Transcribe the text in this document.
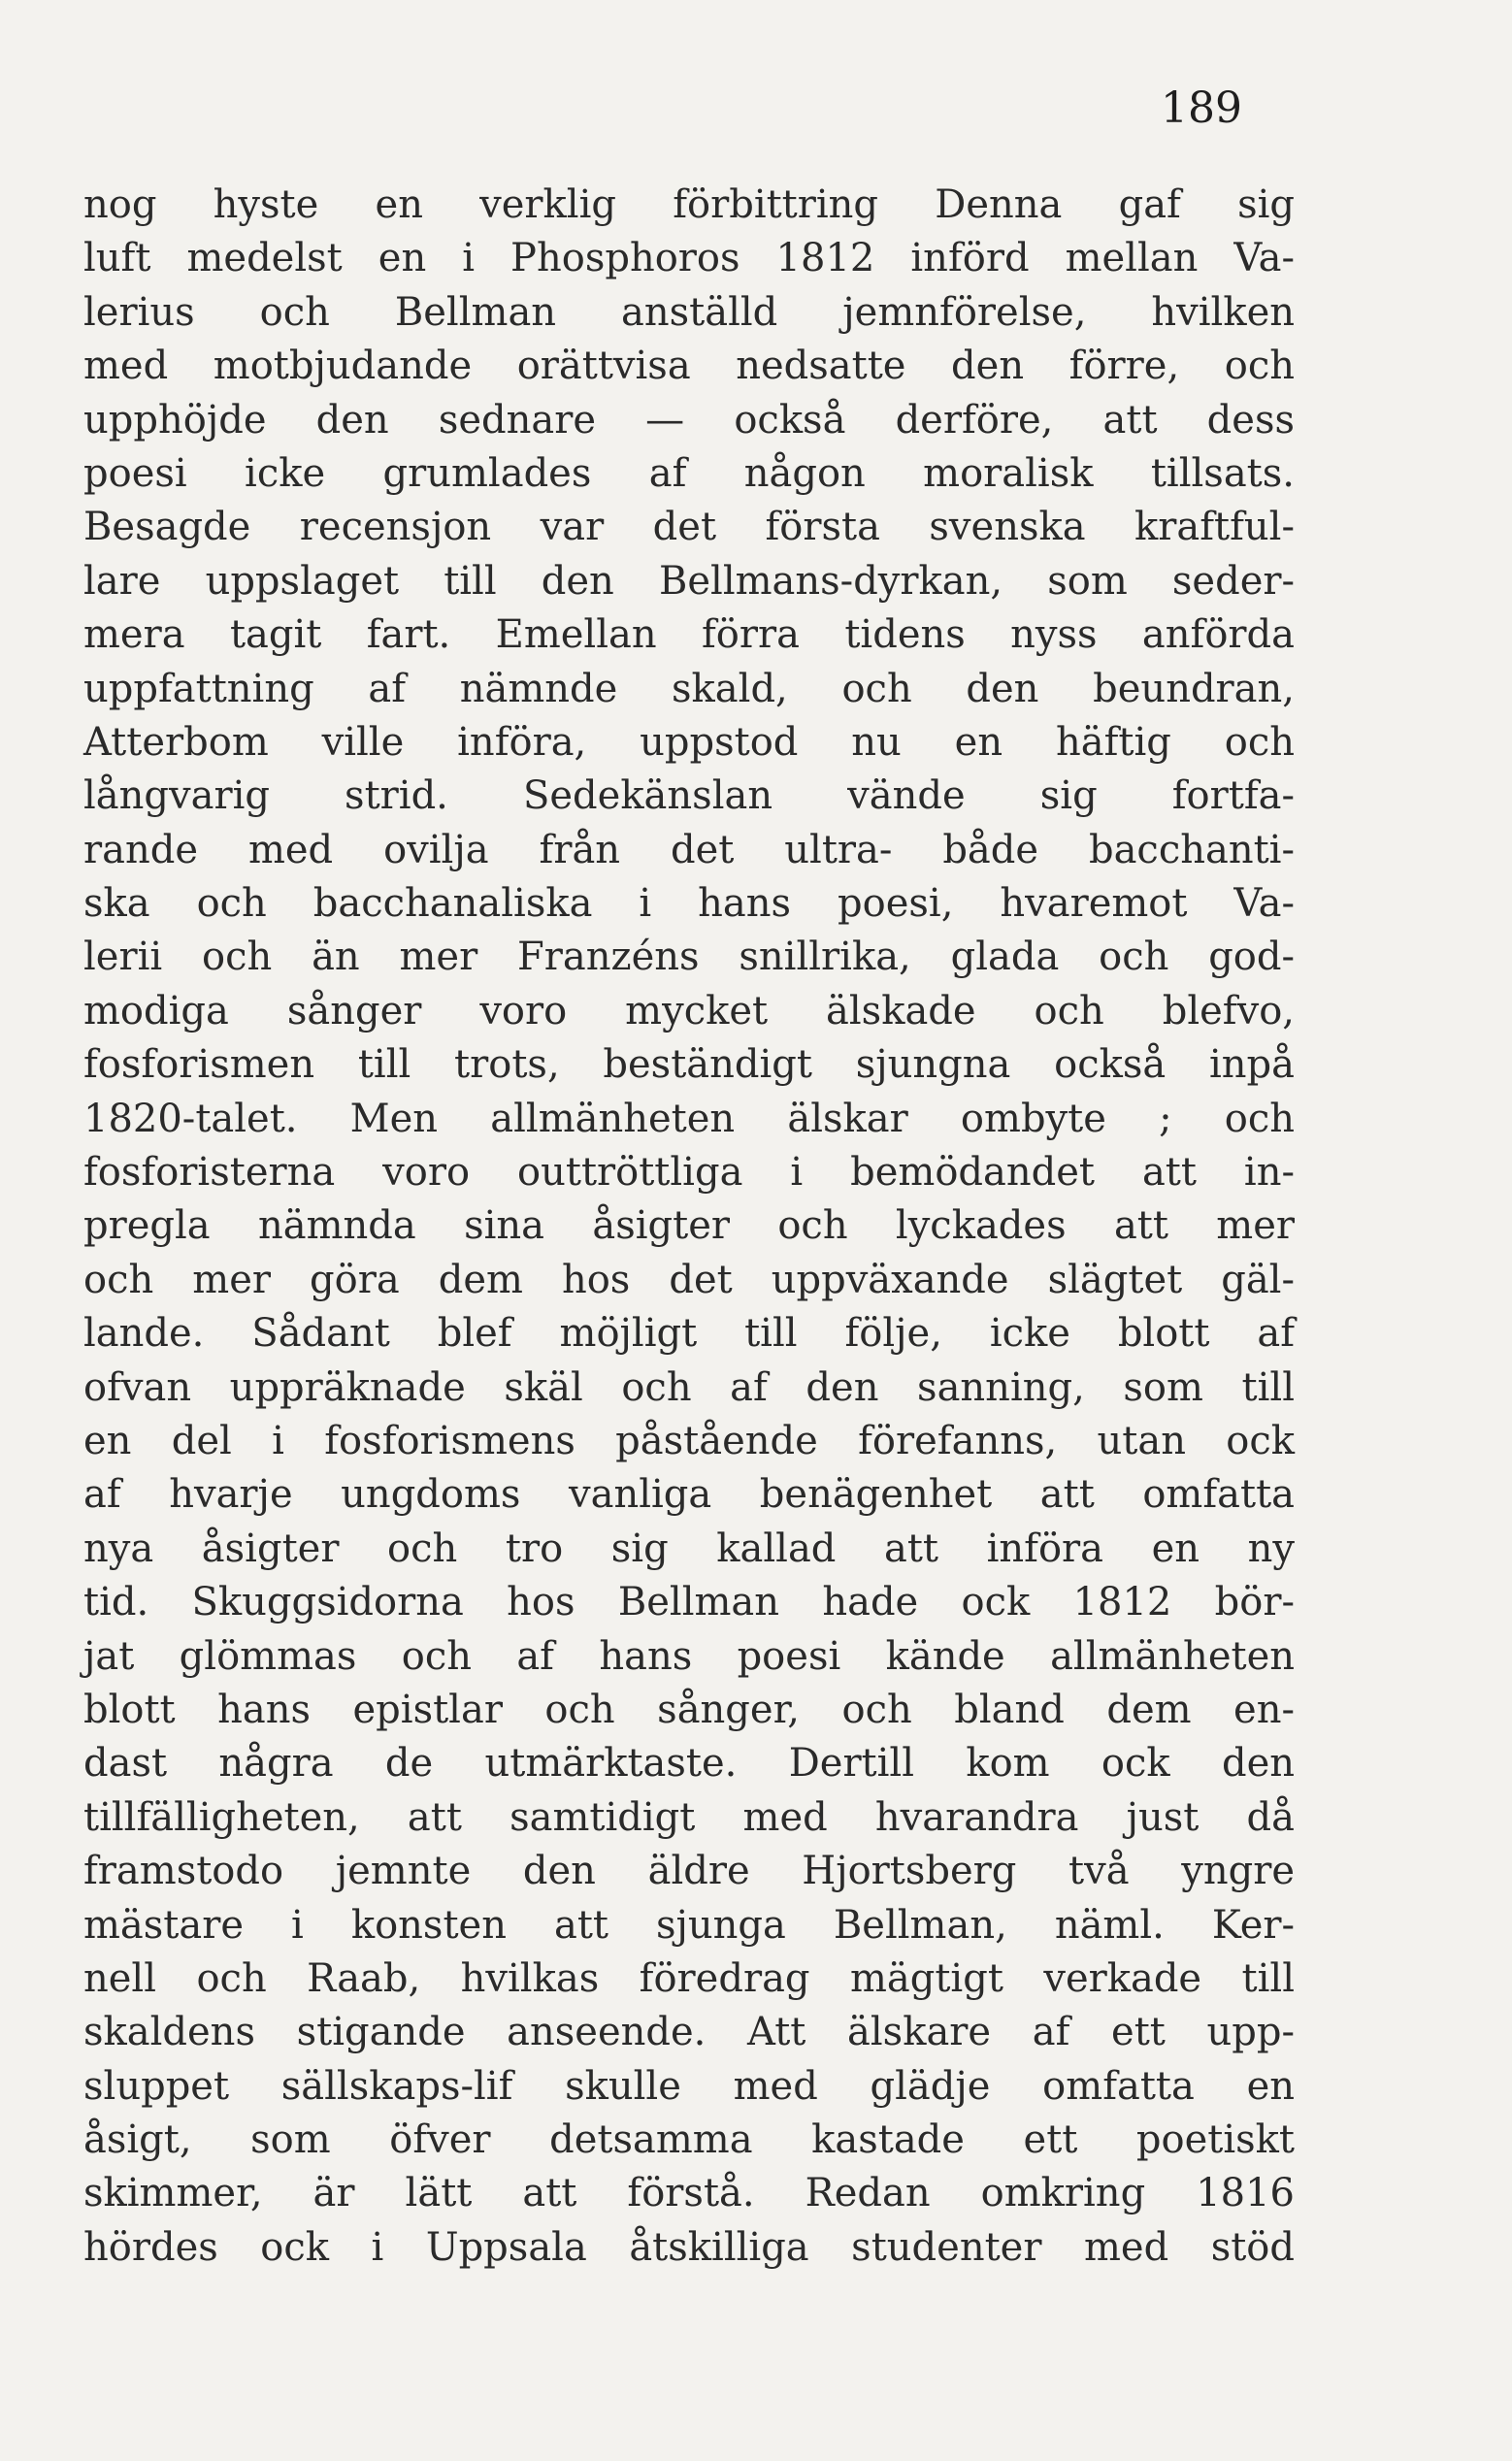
189
nog hyste en verklig förbittring Denna gaf sig
luft medelst en i Phosphoros 1812 införd mellan Va-
lerius och Bellman anställd jemnförelse, hvilken
med motbjudande orättvisa nedsatte den förre, och
upphöjde den sednare — också derföre, att dess
poesi icke grumlades af någon moralisk tillsats.
Besagde recensjon var det första svenska kraftful-
lare uppslaget till den Bellmans-dyrkan, som seder-
mera tagit fart. Emellan förra tidens nyss anförda
uppfattning af nämnde skald, och den beundran,
Atterbom ville införa, uppstod nu en häftig och
långvarig strid. Sedekänslan vände sig fortfa-
rande med ovilja från det ultra- både bacchanti-
ska och bacchanaliska i hans poesi, hvaremot Va-
lerii och än mer Franzéns snillrika, glada och god-
modiga sånger voro mycket älskade och blefvo,
fosforismen till trots, beständigt sjungna också inpå
1820-talet. Men allmänheten älskar ombyte ; och
fosforisterna voro outtröttliga i bemödandet att in-
pregla nämnda sina åsigter och lyckades att mer
och mer göra dem hos det uppväxande slägtet gäl-
lande. Sådant blef möjligt till följe, icke blott af
ofvan uppräknade skäl och af den sanning, som till
en del i fosforismens påstående förefanns, utan ock
af hvarje ungdoms vanliga benägenhet att omfatta
nya åsigter och tro sig kallad att införa en ny
tid. Skuggsidorna hos Bellman hade ock 1812 bör-
jat glömmas och af hans poesi kände allmänheten
blott hans epistlar och sånger, och bland dem en-
dast några de utmärktaste. Dertill kom ock den
tillfälligheten, att samtidigt med hvarandra just då
framstodo jemnte den äldre Hjortsberg två yngre
mästare i konsten att sjunga Bellman, näml. Ker-
nell och Raab, hvilkas föredrag mägtigt verkade till
skaldens stigande anseende. Att älskare af ett upp-
sluppet sällskaps-lif skulle med glädje omfatta en
åsigt, som öfver detsamma kastade ett poetiskt
skimmer, är lätt att förstå. Redan omkring 1816
hördes ock i Uppsala åtskilliga studenter med stöd
